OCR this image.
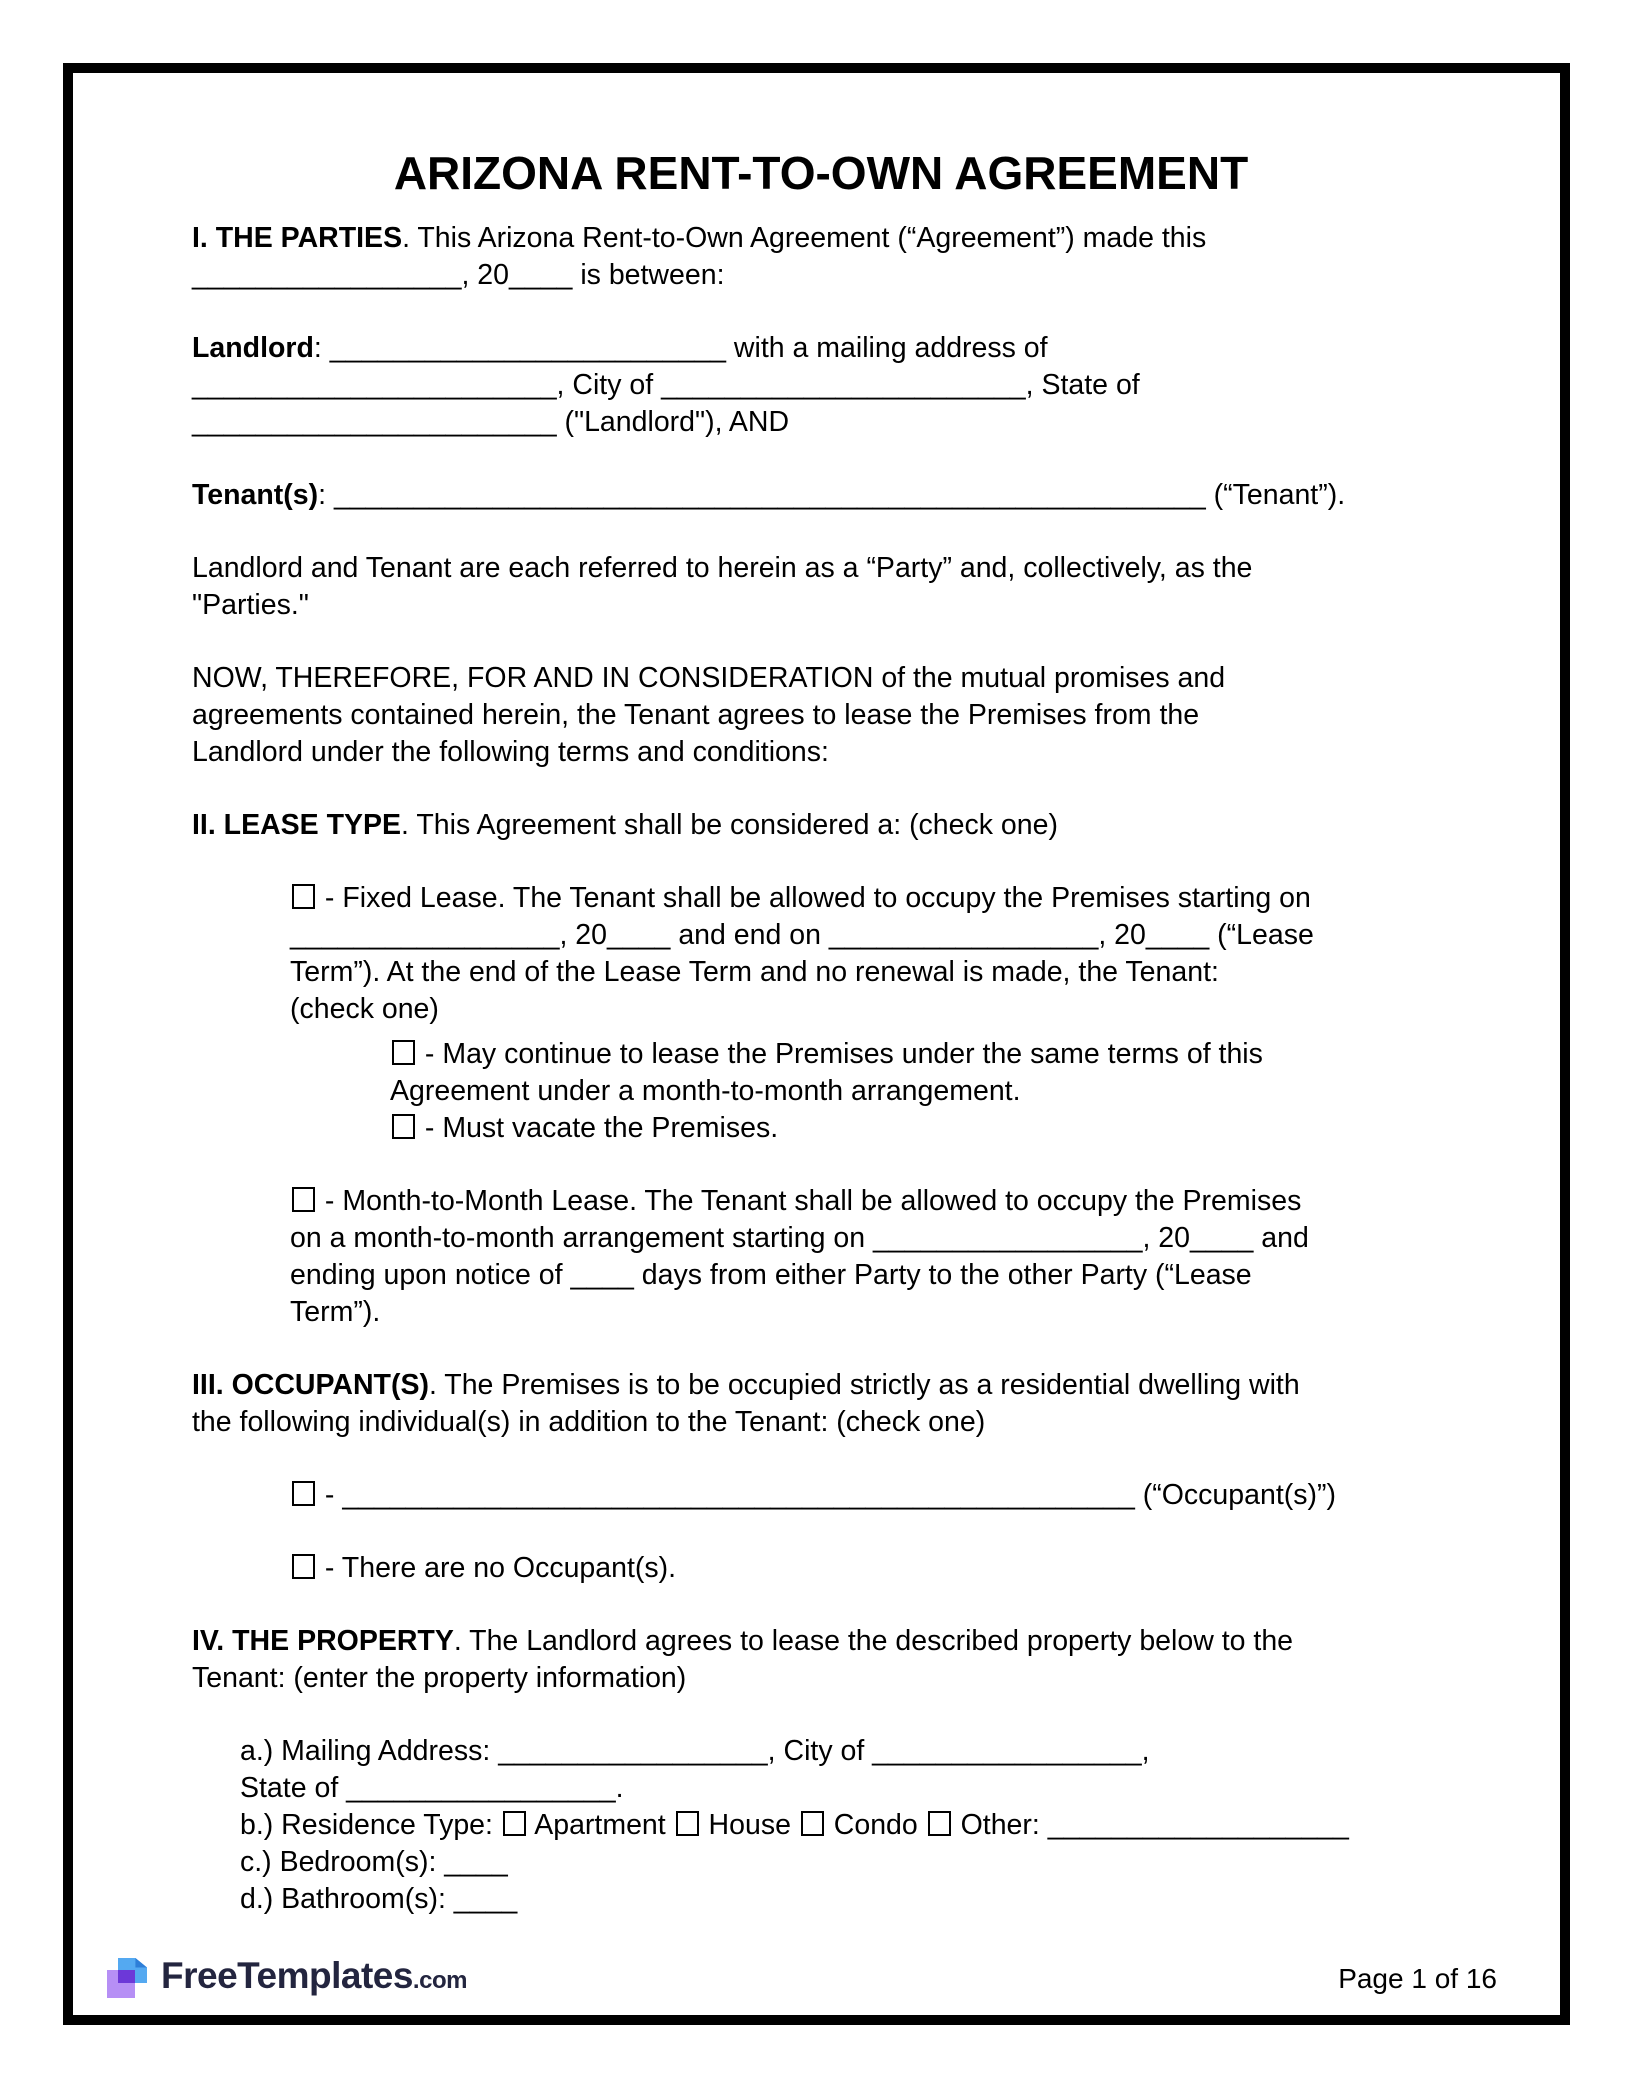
ARIZONA RENT-TO-OWN AGREEMENT
I. THE PARTIES. This Arizona Rent-to-Own Agreement (“Agreement”) made this
_________________, 20____ is between:
Landlord: _________________________ with a mailing address of
_______________________, City of _______________________, State of
_______________________ ("Landlord"), AND
Tenant(s): _______________________________________________________ (“Tenant”).
Landlord and Tenant are each referred to herein as a “Party” and, collectively, as the
"Parties."
NOW, THEREFORE, FOR AND IN CONSIDERATION of the mutual promises and
agreements contained herein, the Tenant agrees to lease the Premises from the
Landlord under the following terms and conditions:
II. LEASE TYPE. This Agreement shall be considered a: (check one)
- Fixed Lease. The Tenant shall be allowed to occupy the Premises starting on
_________________, 20____ and end on _________________, 20____ (“Lease
Term”). At the end of the Lease Term and no renewal is made, the Tenant:
(check one)
- May continue to lease the Premises under the same terms of this
Agreement under a month-to-month arrangement.
- Must vacate the Premises.
- Month-to-Month Lease. The Tenant shall be allowed to occupy the Premises
on a month-to-month arrangement starting on _________________, 20____ and
ending upon notice of ____ days from either Party to the other Party (“Lease
Term”).
III. OCCUPANT(S). The Premises is to be occupied strictly as a residential dwelling with
the following individual(s) in addition to the Tenant: (check one)
- __________________________________________________ (“Occupant(s)”)
- There are no Occupant(s).
IV. THE PROPERTY. The Landlord agrees to lease the described property below to the
Tenant: (enter the property information)
a.) Mailing Address: _________________, City of _________________,
State of _________________.
b.) Residence Type:  Apartment  House  Condo  Other: ___________________
c.) Bedroom(s): ____
d.) Bathroom(s): ____
FreeTemplates.com	Page 1 of 16
